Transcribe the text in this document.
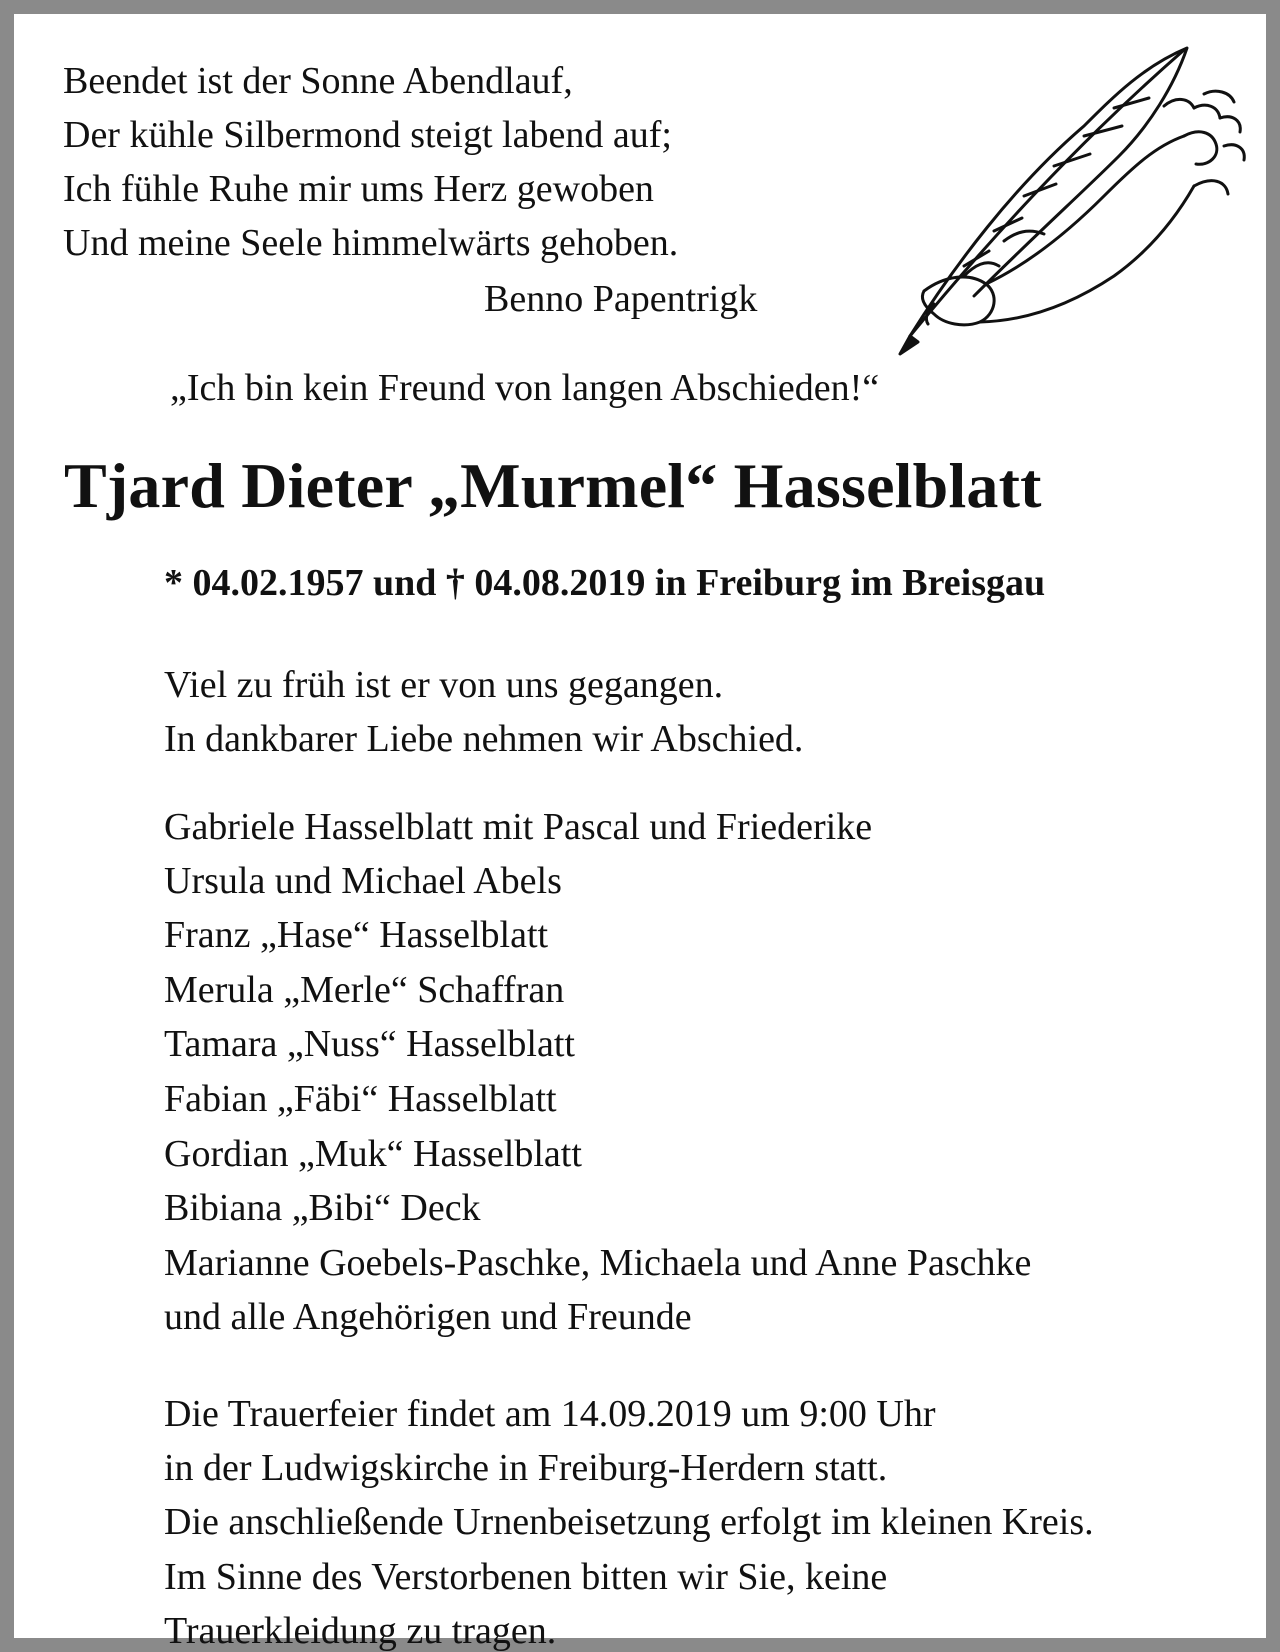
Beendet ist der Sonne Abendlauf,
Der kühle Silbermond steigt labend auf;
Ich fühle Ruhe mir ums Herz gewoben
Und meine Seele himmelwärts gehoben.
Benno Papentrigk
„Ich bin kein Freund von langen Abschieden!“
Tjard Dieter „Murmel“ Hasselblatt
* 04.02.1957 und † 04.08.2019 in Freiburg im Breisgau
Viel zu früh ist er von uns gegangen.
In dankbarer Liebe nehmen wir Abschied.
Gabriele Hasselblatt mit Pascal und Friederike
Ursula und Michael Abels
Franz „Hase“ Hasselblatt
Merula „Merle“ Schaffran
Tamara „Nuss“ Hasselblatt
Fabian „Fäbi“ Hasselblatt
Gordian „Muk“ Hasselblatt
Bibiana „Bibi“ Deck
Marianne Goebels-Paschke, Michaela und Anne Paschke
und alle Angehörigen und Freunde
Die Trauerfeier findet am 14.09.2019 um 9:00 Uhr
in der Ludwigskirche in Freiburg-Herdern statt.
Die anschließende Urnenbeisetzung erfolgt im kleinen Kreis.
Im Sinne des Verstorbenen bitten wir Sie, keine
Trauerkleidung zu tragen.
